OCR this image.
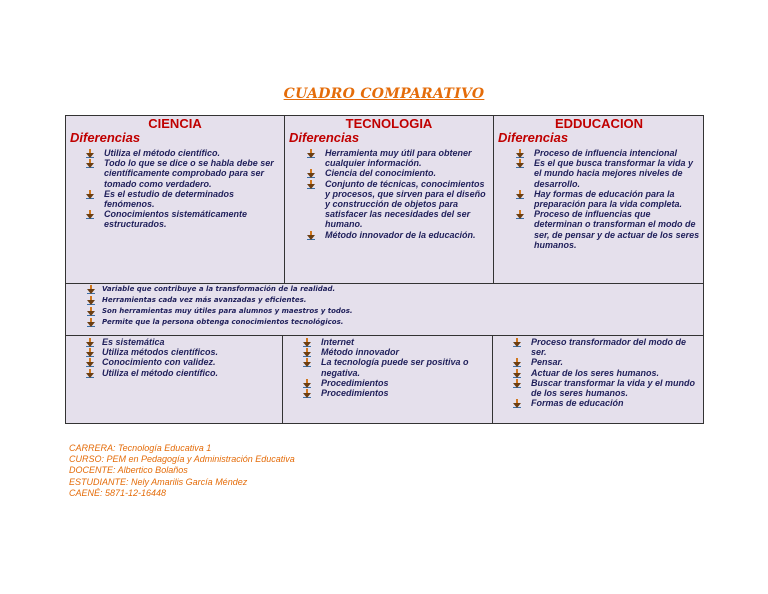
CUADRO COMPARATIVO
CIENCIA
Diferencias
Utiliza el método científico.
Todo lo que se dice o se habla debe ser científicamente comprobado para ser tomado como verdadero.
Es el estudio de determinados fenómenos.
Conocimientos sistemáticamente estructurados.
TECNOLOGIA
Diferencias
Herramienta muy útil para obtener cualquier información.
Ciencia del conocimiento.
Conjunto de técnicas, conocimientos y procesos, que sirven para el diseño y construcción de objetos para satisfacer las necesidades del ser humano.
Método innovador de la educación.
EDDUCACION
Diferencias
Proceso de influencia intencional
Es el que busca transformar la vida y el mundo hacia mejores niveles de desarrollo.
Hay formas de educación para la preparación para la vida completa.
Proceso de influencias que determinan o transforman el modo de ser, de pensar y de actuar de los seres humanos.
Variable que contribuye a la transformación de la realidad.
Herramientas cada vez más avanzadas y eficientes.
Son herramientas muy útiles para alumnos y maestros y todos.
Permite que la persona obtenga conocimientos tecnológicos.
Es sistemática
Utiliza métodos científicos.
Conocimiento con validez.
Utiliza el método científico.
Internet
Método innovador
La tecnología puede ser positiva o negativa.
Procedimientos
Procedimientos
Proceso transformador del modo de ser.
Pensar.
Actuar de los seres humanos.
Buscar transformar la vida y el mundo de los seres humanos.
Formas de educación
CARRERA: Tecnología Educativa 1
CURSO: PEM en Pedagogía y Administración Educativa
DOCENTE: Albertico Bolaños
ESTUDIANTE: Nely Amarilis García Méndez
CAENÉ: 5871-12-16448
